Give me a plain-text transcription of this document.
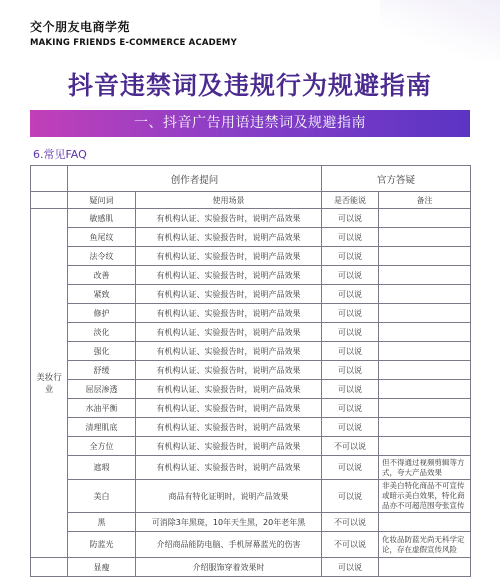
交个朋友电商学苑
MAKING FRIENDS E-COMMERCE ACADEMY
抖音违禁词及违规行为规避指南
一、抖音广告用语违禁词及规避指南
6.常见FAQ
	创作者提问		官方答疑	
	疑问词	使用场景	是否能说	备注
美妆行业	敏感肌	有机构认证、实验报告时，说明产品效果	可以说	
	鱼尾纹	有机构认证、实验报告时，说明产品效果	可以说	
	法令纹	有机构认证、实验报告时，说明产品效果	可以说	
	改善	有机构认证、实验报告时，说明产品效果	可以说	
	紧致	有机构认证、实验报告时，说明产品效果	可以说	
	修护	有机构认证、实验报告时，说明产品效果	可以说	
	淡化	有机构认证、实验报告时，说明产品效果	可以说	
	强化	有机构认证、实验报告时，说明产品效果	可以说	
	舒缓	有机构认证、实验报告时，说明产品效果	可以说	
	屈层渗透	有机构认证、实验报告时，说明产品效果	可以说	
	水油平衡	有机构认证、实验报告时，说明产品效果	可以说	
	清理肌底	有机构认证、实验报告时，说明产品效果	可以说	
	全方位	有机构认证、实验报告时，说明产品效果	不可以说	
	遮瑕	有机构认证、实验报告时，说明产品效果	可以说	但不得通过视频剪辑等方式，夸大产品效果
	美白	商品有特化证明时，说明产品效果	可以说	非美白特化商品不可宣传或暗示美白效果，特化商品亦不可超范围夸张宣传
	黑	可消除3年黑斑，10年天生黑，20年老年黑	不可以说	
	防蓝光	介绍商品能防电脑、手机屏幕蓝光的伤害	不可以说	化妆品防蓝光尚无科学定论，存在虚假宣传风险
	显瘦	介绍服饰穿着效果时	可以说	
